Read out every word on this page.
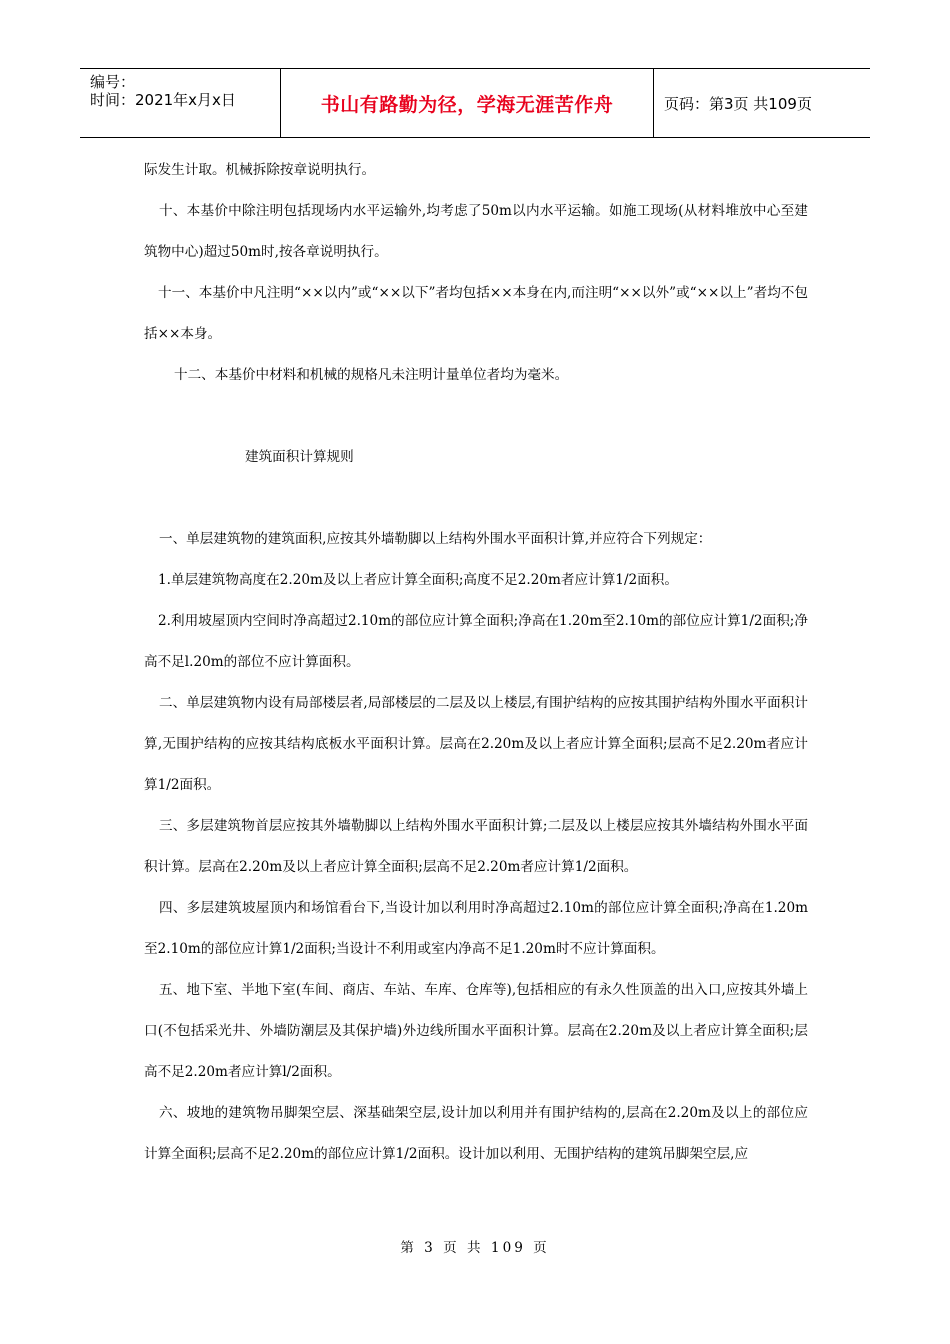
编号：
时间：2021年x月x日	书山有路勤为径，学海无涯苦作舟	页码：第3页 共109页

际发生计取。机械拆除按章说明执行。

十、本基价中除注明包括现场内水平运输外,均考虑了50m以内水平运输。如施工现场(从材料堆放中心至建筑物中心)超过50m时,按各章说明执行。

十一、本基价中凡注明“××以内”或“××以下”者均包括××本身在内,而注明“××以外”或“××以上”者均不包括××本身。

十二、本基价中材料和机械的规格凡未注明计量单位者均为毫米。

建筑面积计算规则

一、单层建筑物的建筑面积,应按其外墙勒脚以上结构外围水平面积计算,并应符合下列规定：

1.单层建筑物高度在2.20m及以上者应计算全面积;高度不足2.20m者应计算1/2面积。

2.利用坡屋顶内空间时净高超过2.10m的部位应计算全面积;净高在1.20m至2.10m的部位应计算1/2面积;净高不足l.20m的部位不应计算面积。

二、单层建筑物内设有局部楼层者,局部楼层的二层及以上楼层,有围护结构的应按其围护结构外围水平面积计算,无围护结构的应按其结构底板水平面积计算。层高在2.20m及以上者应计算全面积;层高不足2.20m者应计算1/2面积。

三、多层建筑物首层应按其外墙勒脚以上结构外围水平面积计算;二层及以上楼层应按其外墙结构外围水平面积计算。层高在2.20m及以上者应计算全面积;层高不足2.20m者应计算1/2面积。

四、多层建筑坡屋顶内和场馆看台下,当设计加以利用时净高超过2.10m的部位应计算全面积;净高在1.20m至2.10m的部位应计算1/2面积;当设计不利用或室内净高不足1.20m时不应计算面积。

五、地下室、半地下室(车间、商店、车站、车库、仓库等),包括相应的有永久性顶盖的出入口,应按其外墙上口(不包括采光井、外墙防潮层及其保护墙)外边线所围水平面积计算。层高在2.20m及以上者应计算全面积;层高不足2.20m者应计算l/2面积。

六、坡地的建筑物吊脚架空层、深基础架空层,设计加以利用并有围护结构的,层高在2.20m及以上的部位应计算全面积;层高不足2.20m的部位应计算1/2面积。设计加以利用、无围护结构的建筑吊脚架空层,应

第 3 页 共 109 页
